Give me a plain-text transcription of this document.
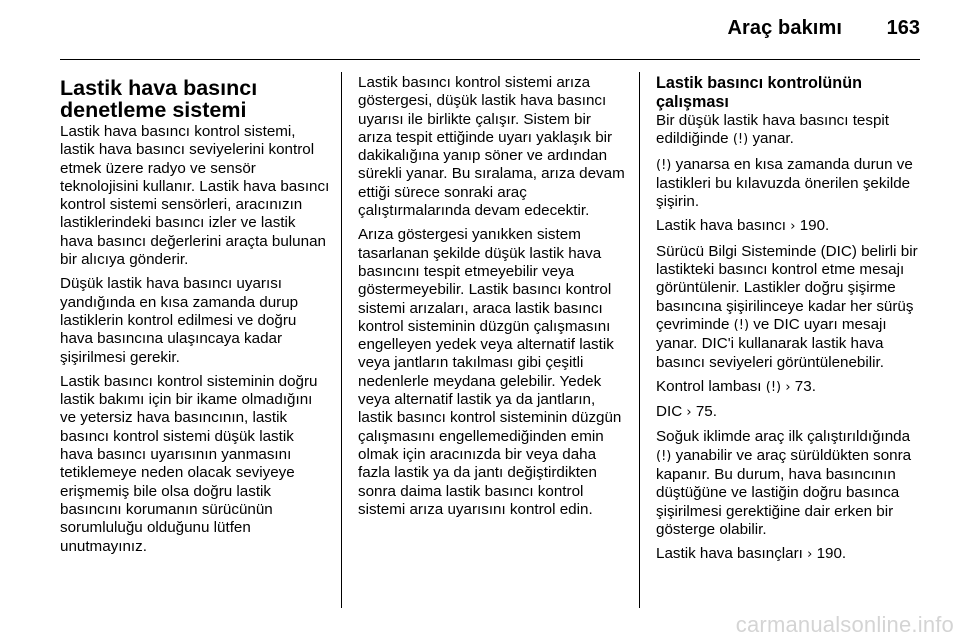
Araç bakımı 163
Lastik hava basıncı denetleme sistemi

Lastik hava basıncı kontrol sistemi, lastik hava basıncı seviyelerini kontrol etmek üzere radyo ve sensör teknolojisini kullanır. Lastik hava basıncı kontrol sistemi sensörleri, aracınızın lastiklerindeki basıncı izler ve lastik hava basıncı değerlerini araçta bulunan bir alıcıya gönderir.

Düşük lastik hava basıncı uyarısı yandığında en kısa zamanda durup lastiklerin kontrol edilmesi ve doğru hava basıncına ulaşıncaya kadar şişirilmesi gerekir.

Lastik basıncı kontrol sisteminin doğru lastik bakımı için bir ikame olmadığını ve yetersiz hava basıncının, lastik basıncı kontrol sistemi düşük lastik hava basıncı uyarısının yanmasını tetiklemeye neden olacak seviyeye erişmemiş bile olsa doğru lastik basıncını korumanın sürücünün sorumluluğu olduğunu lütfen unutmayınız.

Lastik basıncı kontrol sistemi arıza göstergesi, düşük lastik hava basıncı uyarısı ile birlikte çalışır. Sistem bir arıza tespit ettiğinde uyarı yaklaşık bir dakikalığına yanıp söner ve ardından sürekli yanar. Bu sıralama, arıza devam ettiği sürece sonraki araç çalıştırmalarında devam edecektir.

Arıza göstergesi yanıkken sistem tasarlanan şekilde düşük lastik hava basıncını tespit etmeyebilir veya göstermeyebilir. Lastik basıncı kontrol sistemi arızaları, araca lastik basıncı kontrol sisteminin düzgün çalışmasını engelleyen yedek veya alternatif lastik veya jantların takılması gibi çeşitli nedenlerle meydana gelebilir. Yedek veya alternatif lastik ya da jantların, lastik basıncı kontrol sisteminin düzgün çalışmasını engellemediğinden emin olmak için aracınızda bir veya daha fazla lastik ya da jantı değiştirdikten sonra daima lastik basıncı kontrol sistemi arıza uyarısını kontrol edin.

Lastik basıncı kontrolünün çalışması

Bir düşük lastik hava basıncı tespit edildiğinde (!) yanar.

(!) yanarsa en kısa zamanda durun ve lastikleri bu kılavuzda önerilen şekilde şişirin.

Lastik hava basıncı › 190.

Sürücü Bilgi Sisteminde (DIC) belirli bir lastikteki basıncı kontrol etme mesajı görüntülenir. Lastikler doğru şişirme basıncına şişirilinceye kadar her sürüş çevriminde (!) ve DIC uyarı mesajı yanar. DIC'i kullanarak lastik hava basıncı seviyeleri görüntülenebilir.

Kontrol lambası (!) › 73.

DIC › 75.

Soğuk iklimde araç ilk çalıştırıldığında (!) yanabilir ve araç sürüldükten sonra kapanır. Bu durum, hava basıncının düştüğüne ve lastiğin doğru basınca şişirilmesi gerektiğine dair erken bir gösterge olabilir.

Lastik hava basınçları › 190.

carmanualsonline.info
